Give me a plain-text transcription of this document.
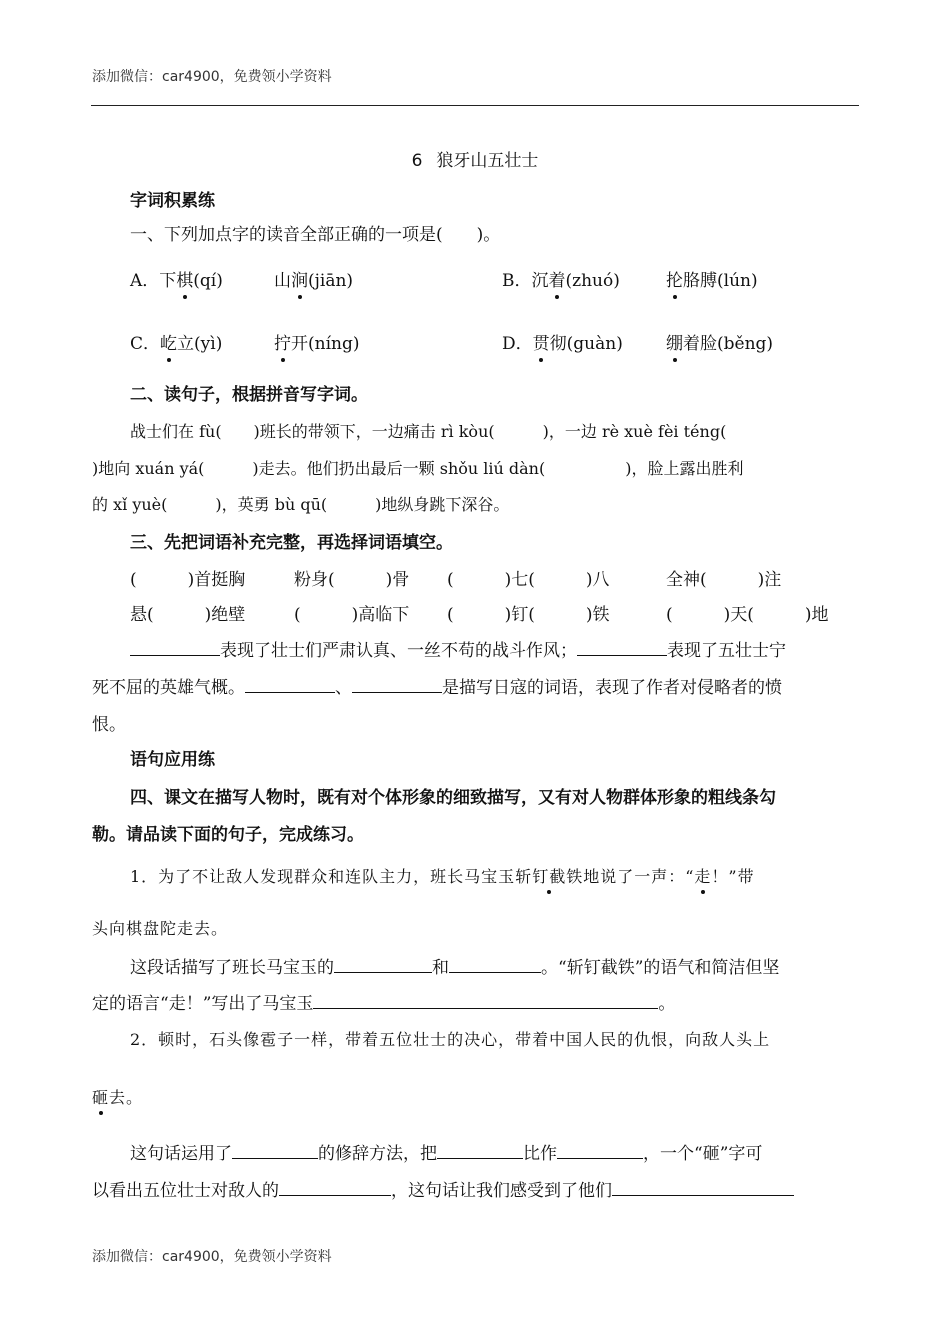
添加微信：car4900，免费领小学资料
6 狼牙山五壮士
字词积累练
一、下列加点字的读音全部正确的一项是(　　)。
A．下棋(qí)	山涧(jiān)	B．沉着(zhuó)	抡胳膊(lún)
C．屹立(yì)	拧开(níng)	D．贯彻(guàn)	绷着脸(běng)
二、读句子，根据拼音写字词。
战士们在 fù(　　)班长的带领下，一边痛击 rì kòu(　　　)，一边 rè xuè fèi téng(
)地向 xuán yá(　　　)走去。他们扔出最后一颗 shǒu liú dàn(　　　　　)，脸上露出胜利
的 xǐ yuè(　　　)，英勇 bù qū(　　　)地纵身跳下深谷。
三、先把词语补充完整，再选择词语填空。
(　　　)首挺胸	粉身(　　　)骨 (　　　)七(　　　)八	全神(　　　)注
悬(　　　)绝壁	(　　　)高临下 (　　　)钉(　　　)铁	(　　　)天(　　　)地
表现了壮士们严肃认真、一丝不苟的战斗作风；	表现了五壮士宁
死不屈的英雄气概。	、	是描写日寇的词语，表现了作者对侵略者的愤
恨。
语句应用练
四、课文在描写人物时，既有对个体形象的细致描写，又有对人物群体形象的粗线条勾
勒。请品读下面的句子，完成练习。
1．为了不让敌人发现群众和连队主力，班长马宝玉斩钉截铁地说了一声：“走！”带
头向棋盘陀走去。
这段话描写了班长马宝玉的	和	。“斩钉截铁”的语气和简洁但坚
定的语言“走！”写出了马宝玉	。
2．顿时，石头像雹子一样，带着五位壮士的决心，带着中国人民的仇恨，向敌人头上
砸去。
这句话运用了	的修辞方法，把	比作	，一个“砸”字可
以看出五位壮士对敌人的	，这句话让我们感受到了他们
添加微信：car4900，免费领小学资料
